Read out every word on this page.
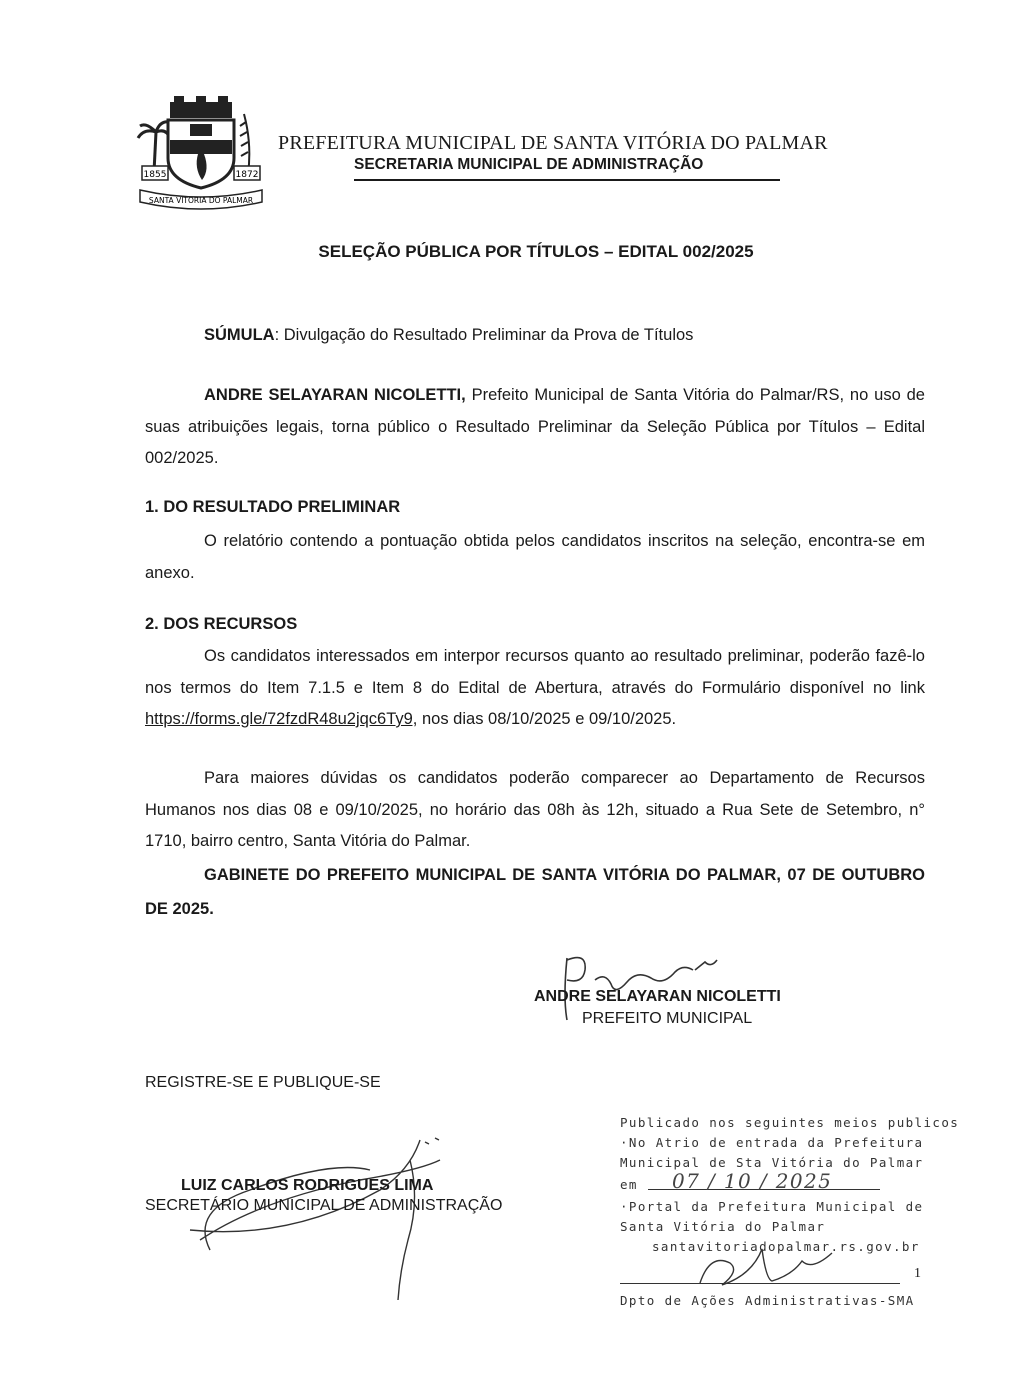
1855	1872
SANTA VITORIA DO PALMAR
PREFEITURA MUNICIPAL DE SANTA VITÓRIA DO PALMAR
SECRETARIA MUNICIPAL DE ADMINISTRAÇÃO
SELEÇÃO PÚBLICA POR TÍTULOS – EDITAL 002/2025
SÚMULA: Divulgação do Resultado Preliminar da Prova de Títulos
ANDRE SELAYARAN NICOLETTI, Prefeito Municipal de Santa Vitória do Palmar/RS, no uso de suas atribuições legais, torna público o Resultado Preliminar da Seleção Pública por Títulos – Edital 002/2025.
1. DO RESULTADO PRELIMINAR
O relatório contendo a pontuação obtida pelos candidatos inscritos na seleção, encontra-se em anexo.
2. DOS RECURSOS
Os candidatos interessados em interpor recursos quanto ao resultado preliminar, poderão fazê-lo nos termos do Item 7.1.5 e Item 8 do Edital de Abertura, através do Formulário disponível no link https://forms.gle/72fzdR48u2jqc6Ty9, nos dias 08/10/2025 e 09/10/2025.
Para maiores dúvidas os candidatos poderão comparecer ao Departamento de Recursos Humanos nos dias 08 e 09/10/2025, no horário das 08h às 12h, situado a Rua Sete de Setembro, n° 1710, bairro centro, Santa Vitória do Palmar.
GABINETE DO PREFEITO MUNICIPAL DE SANTA VITÓRIA DO PALMAR, 07 DE OUTUBRO DE 2025.
ANDRE SELAYARAN NICOLETTI
PREFEITO MUNICIPAL
REGISTRE-SE E PUBLIQUE-SE
LUIZ CARLOS RODRIGUES LIMA
SECRETÁRIO MUNICIPAL DE ADMINISTRAÇÃO
Publicado nos seguintes meios publicos
·No Atrio de entrada da Prefeitura
Municipal de Sta Vitória do Palmar
em 07 / 10 / 2025
·Portal da Prefeitura Municipal de
Santa Vitória do Palmar
santavitoriadopalmar.rs.gov.br
Dpto de Ações Administrativas-SMA
1
